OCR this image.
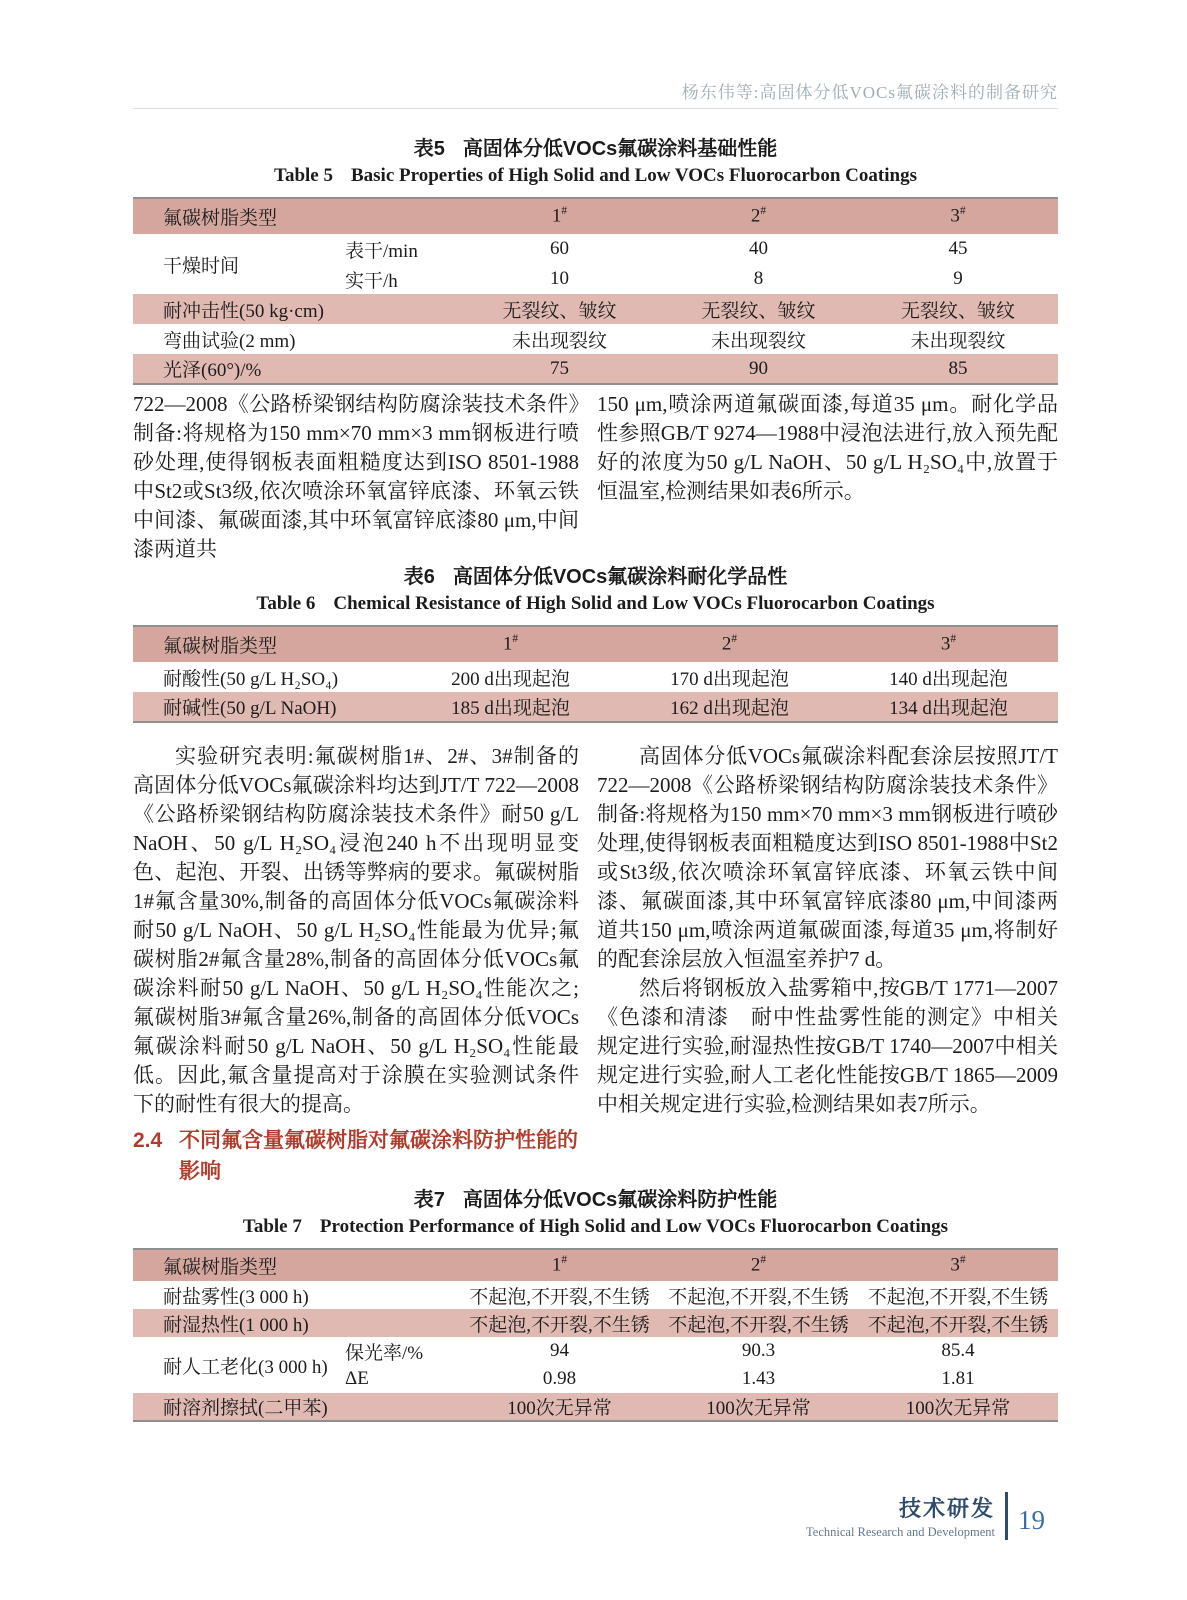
杨东伟等:高固体分低VOCs氟碳涂料的制备研究
表5 高固体分低VOCs氟碳涂料基础性能
Table 5 Basic Properties of High Solid and Low VOCs Fluorocarbon Coatings
氟碳树脂类型		1#	2#	3#
干燥时间	表干/min	60	40	45
	实干/h	10	8	9
耐冲击性(50 kg·cm)		无裂纹、皱纹	无裂纹、皱纹	无裂纹、皱纹
弯曲试验(2 mm)		未出现裂纹	未出现裂纹	未出现裂纹
光泽(60°)/%		75	90	85

722—2008《公路桥梁钢结构防腐涂装技术条件》制备:将规格为150 mm×70 mm×3 mm钢板进行喷砂处理,使得钢板表面粗糙度达到ISO 8501-1988中St2或St3级,依次喷涂环氧富锌底漆、环氧云铁中间漆、氟碳面漆,其中环氧富锌底漆80 μm,中间漆两道共

150 μm,喷涂两道氟碳面漆,每道35 μm。耐化学品性参照GB/T 9274—1988中浸泡法进行,放入预先配好的浓度为50 g/L NaOH、50 g/L H₂SO₄中,放置于恒温室,检测结果如表6所示。

表6 高固体分低VOCs氟碳涂料耐化学品性
Table 6 Chemical Resistance of High Solid and Low VOCs Fluorocarbon Coatings
氟碳树脂类型	1#	2#	3#
耐酸性(50 g/L H₂SO₄)	200 d出现起泡	170 d出现起泡	140 d出现起泡
耐碱性(50 g/L NaOH)	185 d出现起泡	162 d出现起泡	134 d出现起泡

实验研究表明:氟碳树脂1#、2#、3#制备的高固体分低VOCs氟碳涂料均达到JT/T 722—2008《公路桥梁钢结构防腐涂装技术条件》耐50 g/L NaOH、50 g/L H₂SO₄浸泡240 h不出现明显变色、起泡、开裂、出锈等弊病的要求。氟碳树脂1#氟含量30%,制备的高固体分低VOCs氟碳涂料耐50 g/L NaOH、50 g/L H₂SO₄性能最为优异;氟碳树脂2#氟含量28%,制备的高固体分低VOCs氟碳涂料耐50 g/L NaOH、50 g/L H₂SO₄性能次之;氟碳树脂3#氟含量26%,制备的高固体分低VOCs氟碳涂料耐50 g/L NaOH、50 g/L H₂SO₄性能最低。因此,氟含量提高对于涂膜在实验测试条件下的耐性有很大的提高。

2.4 不同氟含量氟碳树脂对氟碳涂料防护性能的影响

高固体分低VOCs氟碳涂料配套涂层按照JT/T 722—2008《公路桥梁钢结构防腐涂装技术条件》制备:将规格为150 mm×70 mm×3 mm钢板进行喷砂处理,使得钢板表面粗糙度达到ISO 8501-1988中St2或St3级,依次喷涂环氧富锌底漆、环氧云铁中间漆、氟碳面漆,其中环氧富锌底漆80 μm,中间漆两道共150 μm,喷涂两道氟碳面漆,每道35 μm,将制好的配套涂层放入恒温室养护7 d。

然后将钢板放入盐雾箱中,按GB/T 1771—2007《色漆和清漆　耐中性盐雾性能的测定》中相关规定进行实验,耐湿热性按GB/T 1740—2007中相关规定进行实验,耐人工老化性能按GB/T 1865—2009中相关规定进行实验,检测结果如表7所示。

表7 高固体分低VOCs氟碳涂料防护性能
Table 7 Protection Performance of High Solid and Low VOCs Fluorocarbon Coatings
氟碳树脂类型		1#	2#	3#
耐盐雾性(3 000 h)		不起泡,不开裂,不生锈	不起泡,不开裂,不生锈	不起泡,不开裂,不生锈
耐湿热性(1 000 h)		不起泡,不开裂,不生锈	不起泡,不开裂,不生锈	不起泡,不开裂,不生锈
耐人工老化(3 000 h)	保光率/%	94	90.3	85.4
	ΔE	0.98	1.43	1.81
耐溶剂擦拭(二甲苯)		100次无异常	100次无异常	100次无异常
技术研发
Technical Research and Development 19
